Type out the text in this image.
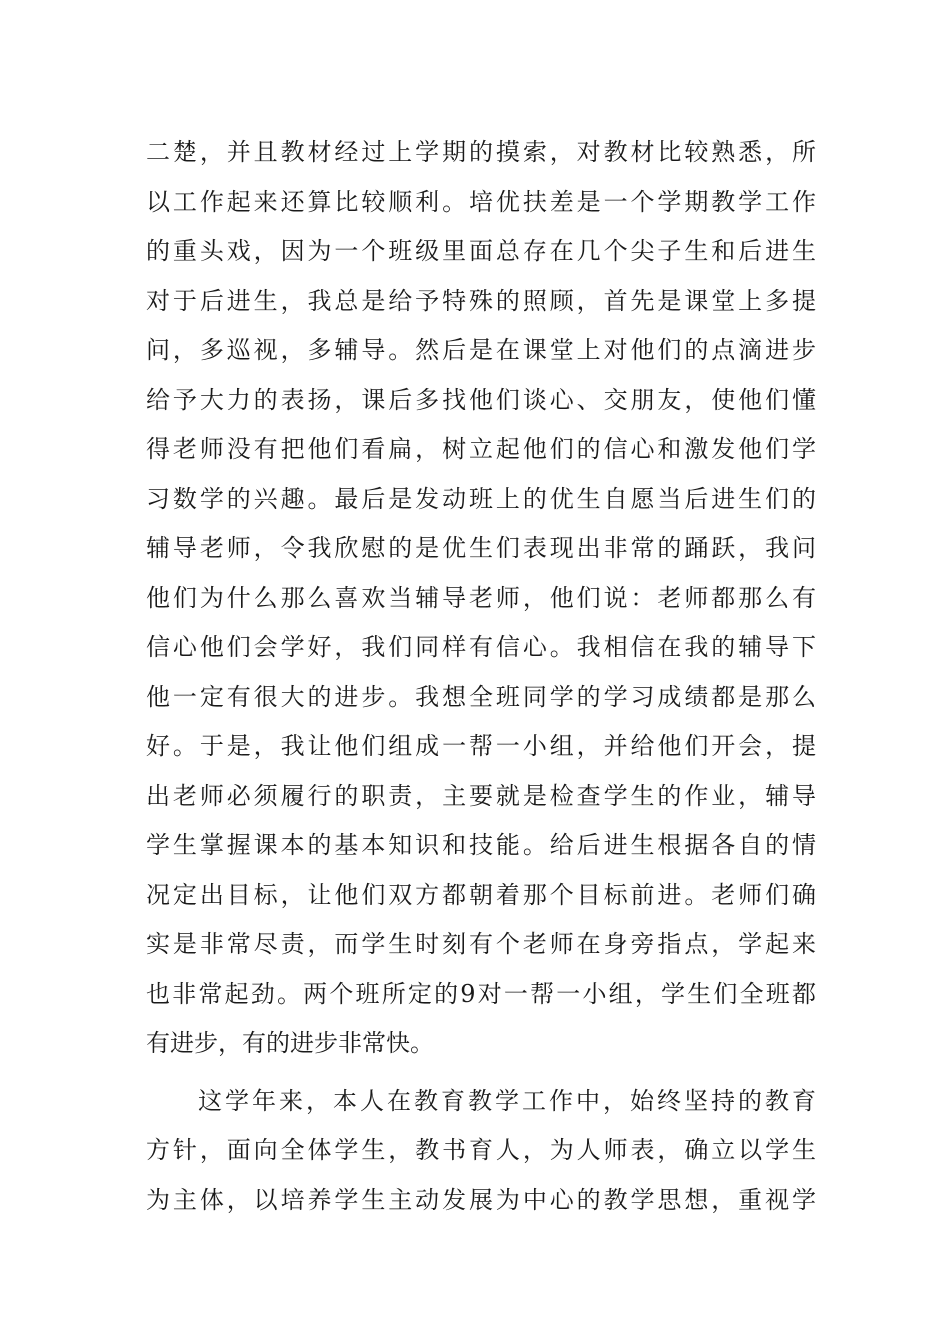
二楚，并且教材经过上学期的摸索，对教材比较熟悉，所
以工作起来还算比较顺利。培优扶差是一个学期教学工作
的重头戏，因为一个班级里面总存在几个尖子生和后进生
对于后进生，我总是给予特殊的照顾，首先是课堂上多提
问，多巡视，多辅导。然后是在课堂上对他们的点滴进步
给予大力的表扬，课后多找他们谈心、交朋友，使他们懂
得老师没有把他们看扁，树立起他们的信心和激发他们学
习数学的兴趣。最后是发动班上的优生自愿当后进生们的
辅导老师，令我欣慰的是优生们表现出非常的踊跃，我问
他们为什么那么喜欢当辅导老师，他们说：老师都那么有
信心他们会学好，我们同样有信心。我相信在我的辅导下
他一定有很大的进步。我想全班同学的学习成绩都是那么
好。于是，我让他们组成一帮一小组，并给他们开会，提
出老师必须履行的职责，主要就是检查学生的作业，辅导
学生掌握课本的基本知识和技能。给后进生根据各自的情
况定出目标，让他们双方都朝着那个目标前进。老师们确
实是非常尽责，而学生时刻有个老师在身旁指点，学起来
也非常起劲。两个班所定的9对一帮一小组，学生们全班都
有进步，有的进步非常快。
这学年来，本人在教育教学工作中，始终坚持的教育
方针，面向全体学生，教书育人，为人师表，确立以学生
为主体，以培养学生主动发展为中心的教学思想，重视学
